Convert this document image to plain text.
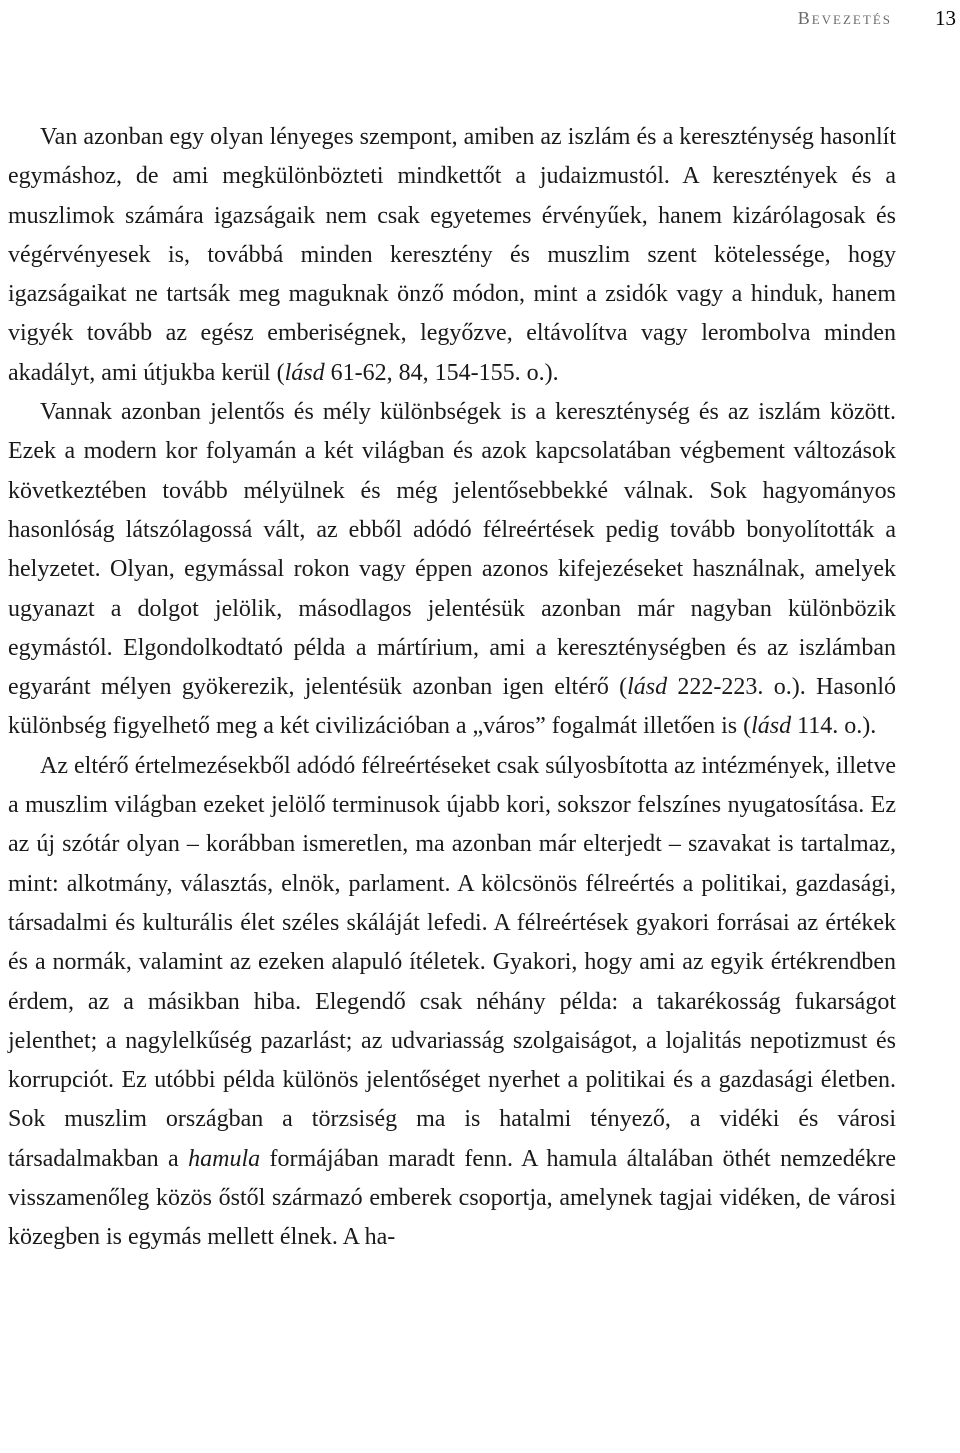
Bevezetés 13

Van azonban egy olyan lényeges szempont, amiben az iszlám és a kereszténység hasonlít egymáshoz, de ami megkülönbözteti mindkettőt a judaizmustól. A keresztények és a muszlimok számára igazságaik nem csak egyetemes érvényűek, hanem kizárólagosak és végérvényesek is, továbbá minden keresztény és muszlim szent kötelessége, hogy igazságaikat ne tartsák meg maguknak önző módon, mint a zsidók vagy a hinduk, hanem vigyék tovább az egész emberiségnek, legyőzve, eltávolítva vagy lerombolva minden akadályt, ami útjukba kerül (lásd 61-62, 84, 154-155. o.).

Vannak azonban jelentős és mély különbségek is a kereszténység és az iszlám között. Ezek a modern kor folyamán a két világban és azok kapcsolatában végbement változások következtében tovább mélyülnek és még jelentősebbekké válnak. Sok hagyományos hasonlóság látszólagossá vált, az ebből adódó félreértések pedig tovább bonyolították a helyzetet. Olyan, egymással rokon vagy éppen azonos kifejezéseket használnak, amelyek ugyanazt a dolgot jelölik, másodlagos jelentésük azonban már nagyban különbözik egymástól. Elgondolkodtató példa a mártírium, ami a kereszténységben és az iszlámban egyaránt mélyen gyökerezik, jelentésük azonban igen eltérő (lásd 222-223. o.). Hasonló különbség figyelhető meg a két civilizációban a „város” fogalmát illetően is (lásd 114. o.).

Az eltérő értelmezésekből adódó félreértéseket csak súlyosbította az intézmények, illetve a muszlim világban ezeket jelölő terminusok újabb kori, sokszor felszínes nyugatosítása. Ez az új szótár olyan – korábban ismeretlen, ma azonban már elterjedt – szavakat is tartalmaz, mint: alkotmány, választás, elnök, parlament. A kölcsönös félreértés a politikai, gazdasági, társadalmi és kulturális élet széles skáláját lefedi. A félreértések gyakori forrásai az értékek és a normák, valamint az ezeken alapuló ítéletek. Gyakori, hogy ami az egyik értékrendben érdem, az a másikban hiba. Elegendő csak néhány példa: a takarékosság fukarságot jelenthet; a nagylelkűség pazarlást; az udvariasság szolgaiságot, a lojalitás nepotizmust és korrupciót. Ez utóbbi példa különös jelentőséget nyerhet a politikai és a gazdasági életben. Sok muszlim országban a törzsiség ma is hatalmi tényező, a vidéki és városi társadalmakban a hamula formájában maradt fenn. A hamula általában öthét nemzedékre visszamenőleg közös őstől származó emberek csoportja, amelynek tagjai vidéken, de városi közegben is egymás mellett élnek. A ha-
